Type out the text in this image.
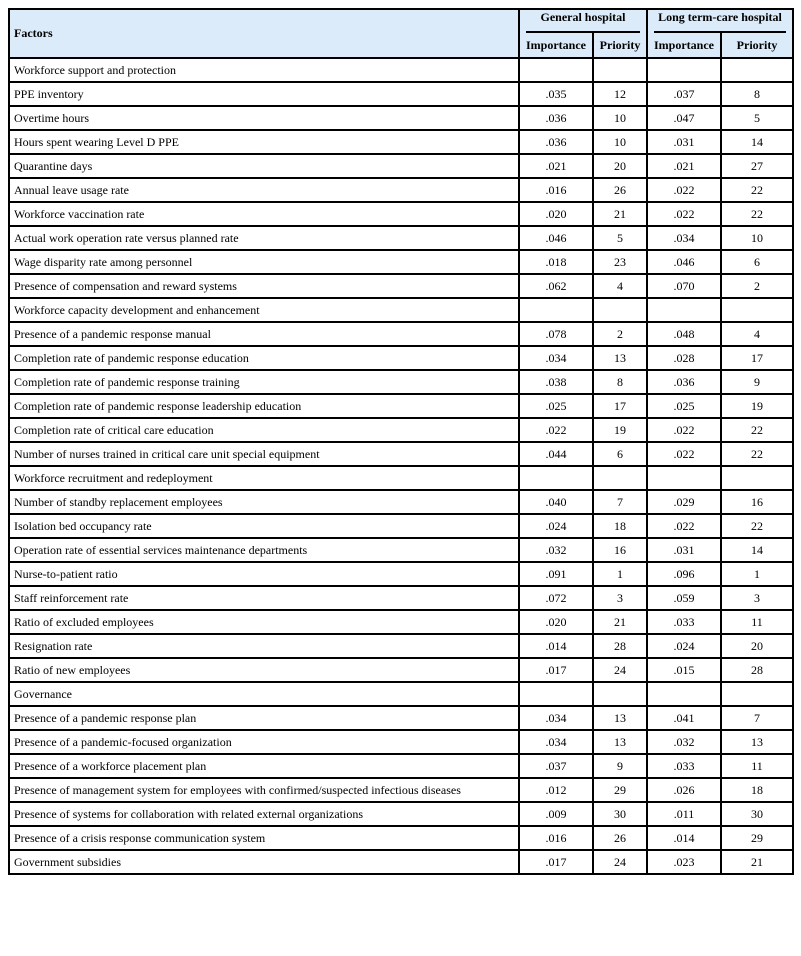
Factors	General hospital		Long term-care hospital	

	Importance	Priority	Importance	Priority
Workforce support and protection				
PPE inventory	.035	12	.037	8
Overtime hours	.036	10	.047	5
Hours spent wearing Level D PPE	.036	10	.031	14
Quarantine days	.021	20	.021	27
Annual leave usage rate	.016	26	.022	22
Workforce vaccination rate	.020	21	.022	22
Actual work operation rate versus planned rate	.046	5	.034	10
Wage disparity rate among personnel	.018	23	.046	6
Presence of compensation and reward systems	.062	4	.070	2
Workforce capacity development and enhancement				
Presence of a pandemic response manual	.078	2	.048	4
Completion rate of pandemic response education	.034	13	.028	17
Completion rate of pandemic response training	.038	8	.036	9
Completion rate of pandemic response leadership education	.025	17	.025	19
Completion rate of critical care education	.022	19	.022	22
Number of nurses trained in critical care unit special equipment	.044	6	.022	22
Workforce recruitment and redeployment				
Number of standby replacement employees	.040	7	.029	16
Isolation bed occupancy rate	.024	18	.022	22
Operation rate of essential services maintenance departments	.032	16	.031	14
Nurse-to-patient ratio	.091	1	.096	1
Staff reinforcement rate	.072	3	.059	3
Ratio of excluded employees	.020	21	.033	11
Resignation rate	.014	28	.024	20
Ratio of new employees	.017	24	.015	28
Governance				
Presence of a pandemic response plan	.034	13	.041	7
Presence of a pandemic-focused organization	.034	13	.032	13
Presence of a workforce placement plan	.037	9	.033	11
Presence of management system for employees with confirmed/suspected infectious diseases	.012	29	.026	18
Presence of systems for collaboration with related external organizations	.009	30	.011	30
Presence of a crisis response communication system	.016	26	.014	29
Government subsidies	.017	24	.023	21
